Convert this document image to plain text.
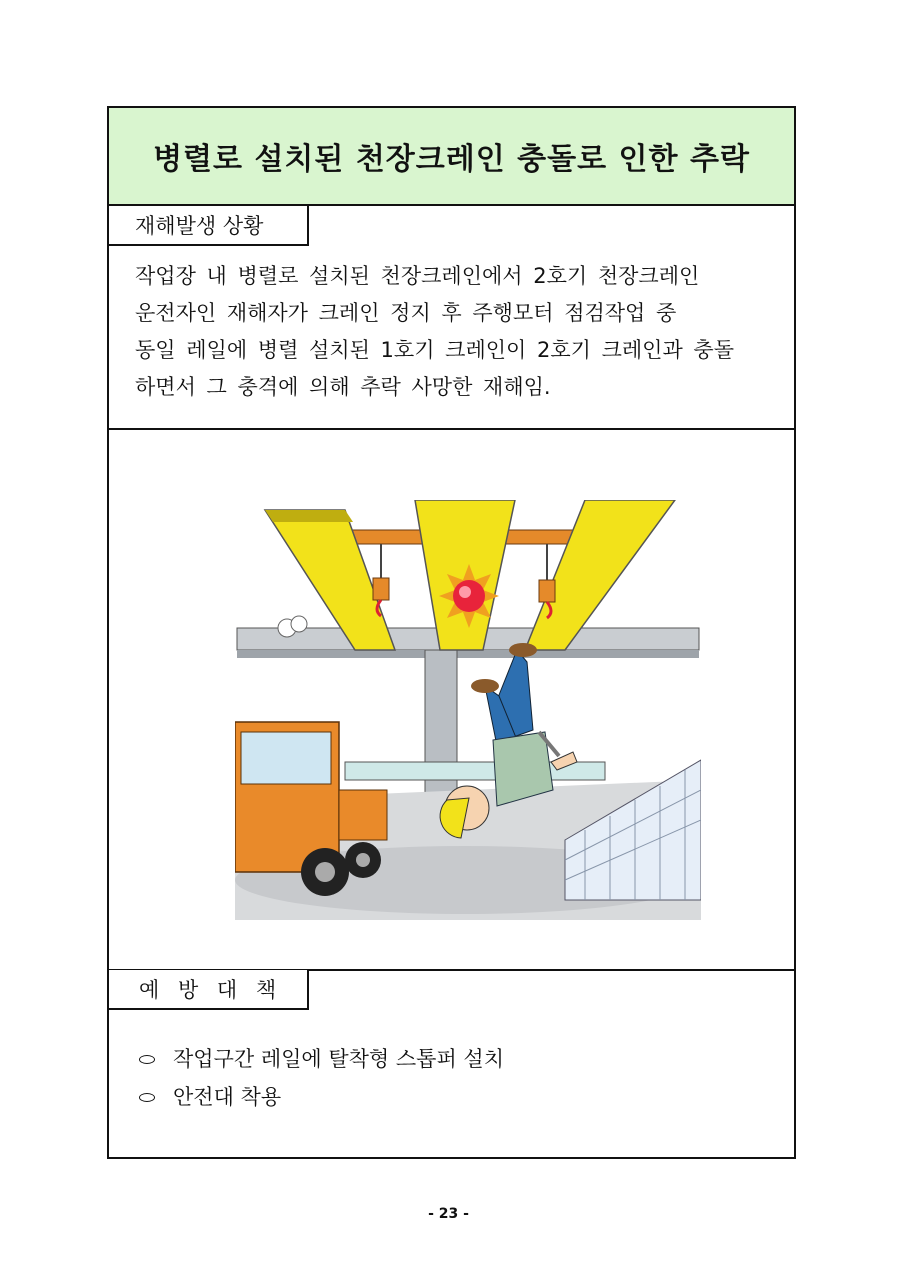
병렬로 설치된 천장크레인 충돌로 인한 추락
재해발생 상황
작업장 내 병렬로 설치된 천장크레인에서 2호기 천장크레인
운전자인 재해자가 크레인 정지 후 주행모터 점검작업 중
동일 레일에 병렬 설치된 1호기 크레인이 2호기 크레인과 충돌
하면서 그 충격에 의해 추락 사망한 재해임.
예 방 대 책
작업구간 레일에 탈착형 스톱퍼 설치
안전대 착용
- 23 -
